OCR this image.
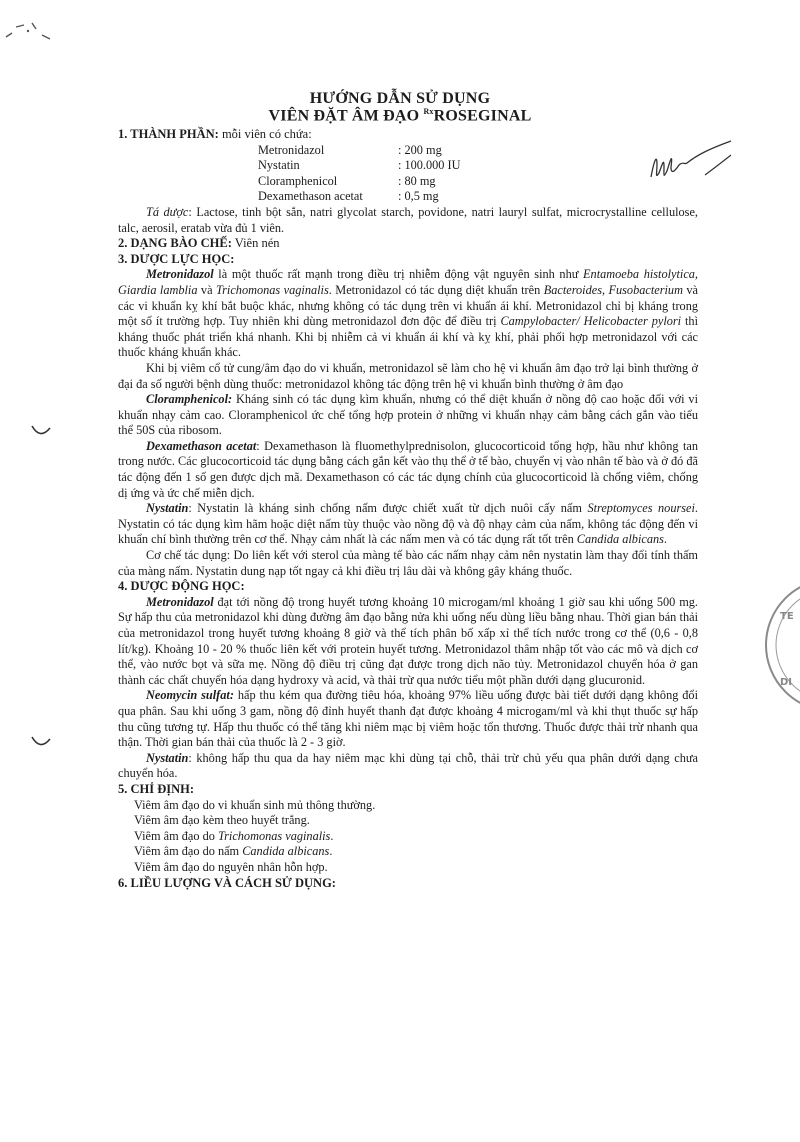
TE
DI
HƯỚNG DẪN SỬ DỤNG
VIÊN ĐẶT ÂM ĐẠO $^{Rx}$ROSEGINAL

1. THÀNH PHẦN: mỗi viên có chứa:

Metronidazol	: 200 mg
Nystatin	: 100.000 IU
Cloramphenicol	: 80 mg
Dexamethason acetat	: 0,5 mg

Tá dược: Lactose, tinh bột sắn, natri glycolat starch, povidone, natri lauryl sulfat, microcrystalline cellulose, talc, aerosil, eratab vừa đủ 1 viên.

2. DẠNG BÀO CHẾ: Viên nén

3. DƯỢC LỰC HỌC:

Metronidazol là một thuốc rất mạnh trong điều trị nhiễm động vật nguyên sinh như Entamoeba histolytica, Giardia lamblia và Trichomonas vaginalis. Metronidazol có tác dụng diệt khuẩn trên Bacteroides, Fusobacterium và các vi khuẩn kỵ khí bắt buộc khác, nhưng không có tác dụng trên vi khuẩn ái khí. Metronidazol chỉ bị kháng trong một số ít trường hợp. Tuy nhiên khi dùng metronidazol đơn độc để điều trị Campylobacter/ Helicobacter pylori thì kháng thuốc phát triển khá nhanh. Khi bị nhiễm cả vi khuẩn ái khí và kỵ khí, phải phối hợp metronidazol với các thuốc kháng khuẩn khác.

Khi bị viêm cổ tử cung/âm đạo do vi khuẩn, metronidazol sẽ làm cho hệ vi khuẩn âm đạo trở lại bình thường ở đại đa số người bệnh dùng thuốc: metronidazol không tác động trên hệ vi khuẩn bình thường ở âm đạo

Cloramphenicol: Kháng sinh có tác dụng kìm khuẩn, nhưng có thể diệt khuẩn ở nồng độ cao hoặc đối với vi khuẩn nhạy cảm cao. Cloramphenicol ức chế tổng hợp protein ở những vi khuẩn nhạy cảm bằng cách gắn vào tiểu thể 50S của ribosom.

Dexamethason acetat: Dexamethason là fluomethylprednisolon, glucocorticoid tổng hợp, hầu như không tan trong nước. Các glucocorticoid tác dụng bằng cách gắn kết vào thụ thể ở tế bào, chuyển vị vào nhân tế bào và ở đó đã tác động đến 1 số gen được dịch mã. Dexamethason có các tác dụng chính của glucocorticoid là chống viêm, chống dị ứng và ức chế miễn dịch.

Nystatin: Nystatin là kháng sinh chống nấm được chiết xuất từ dịch nuôi cấy nấm Streptomyces noursei. Nystatin có tác dụng kìm hãm hoặc diệt nấm tùy thuộc vào nồng độ và độ nhạy cảm của nấm, không tác động đến vi khuẩn chí bình thường trên cơ thể. Nhạy cảm nhất là các nấm men và có tác dụng rất tốt trên Candida albicans.

Cơ chế tác dụng: Do liên kết với sterol của màng tế bào các nấm nhạy cảm nên nystatin làm thay đổi tính thấm của màng nấm. Nystatin dung nạp tốt ngay cả khi điều trị lâu dài và không gây kháng thuốc.

4. DƯỢC ĐỘNG HỌC:

Metronidazol đạt tới nồng độ trong huyết tương khoảng 10 microgam/ml khoảng 1 giờ sau khi uống 500 mg. Sự hấp thu của metronidazol khi dùng đường âm đạo bằng nửa khi uống nếu dùng liều bằng nhau. Thời gian bán thải của metronidazol trong huyết tương khoảng 8 giờ và thể tích phân bố xấp xỉ thể tích nước trong cơ thể (0,6 - 0,8 lít/kg). Khoảng 10 - 20 % thuốc liên kết với protein huyết tương. Metronidazol thâm nhập tốt vào các mô và dịch cơ thể, vào nước bọt và sữa mẹ. Nồng độ điều trị cũng đạt được trong dịch não tủy. Metronidazol chuyển hóa ở gan thành các chất chuyển hóa dạng hydroxy và acid, và thải trừ qua nước tiểu một phần dưới dạng glucuronid.

Neomycin sulfat: hấp thu kém qua đường tiêu hóa, khoảng 97% liều uống được bài tiết dưới dạng không đổi qua phân. Sau khi uống 3 gam, nồng độ đỉnh huyết thanh đạt được khoảng 4 microgam/ml và khi thụt thuốc sự hấp thu cũng tương tự. Hấp thu thuốc có thể tăng khi niêm mạc bị viêm hoặc tổn thương. Thuốc được thải trừ nhanh qua thận. Thời gian bán thải của thuốc là 2 - 3 giờ.

Nystatin: không hấp thu qua da hay niêm mạc khi dùng tại chỗ, thải trừ chủ yếu qua phân dưới dạng chưa chuyển hóa.

5. CHỈ ĐỊNH:

Viêm âm đạo do vi khuẩn sinh mủ thông thường.

Viêm âm đạo kèm theo huyết trắng.

Viêm âm đạo do Trichomonas vaginalis.

Viêm âm đạo do nấm Candida albicans.

Viêm âm đạo do nguyên nhân hỗn hợp.

6. LIỀU LƯỢNG VÀ CÁCH SỬ DỤNG:
